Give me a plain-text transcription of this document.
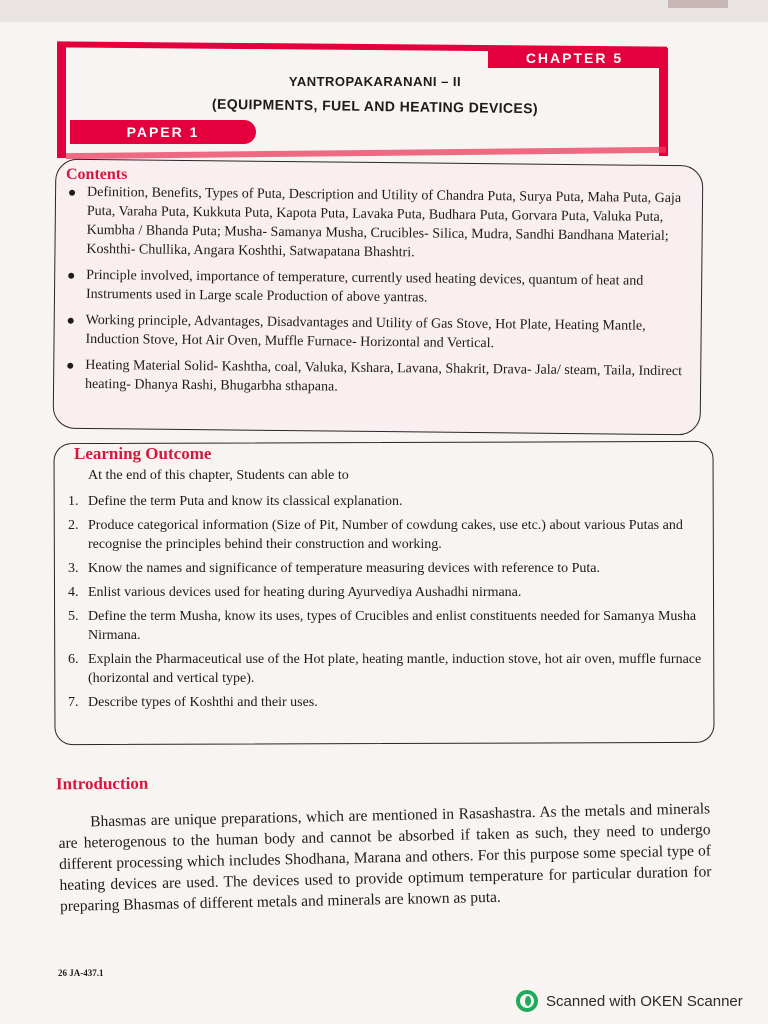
CHAPTER 5
PAPER 1
YANTROPAKARANANI – II
(EQUIPMENTS, FUEL AND HEATING DEVICES)
Contents
Definition, Benefits, Types of Puta, Description and Utility of Chandra Puta, Surya Puta, Maha Puta, Gaja Puta, Varaha Puta, Kukkuta Puta, Kapota Puta, Lavaka Puta, Budhara Puta, Gorvara Puta, Valuka Puta, Kumbha / Bhanda Puta; Musha- Samanya Musha, Crucibles- Silica, Mudra, Sandhi Bandhana Material; Koshthi- Chullika, Angara Koshthi, Satwapatana Bhashtri.
Principle involved, importance of temperature, currently used heating devices, quantum of heat and Instruments used in Large scale Production of above yantras.
Working principle, Advantages, Disadvantages and Utility of Gas Stove, Hot Plate, Heating Mantle, Induction Stove, Hot Air Oven, Muffle Furnace- Horizontal and Vertical.
Heating Material Solid- Kashtha, coal, Valuka, Kshara, Lavana, Shakrit, Drava- Jala/ steam, Taila, Indirect heating- Dhanya Rashi, Bhugarbha sthapana.
Learning Outcome
At the end of this chapter, Students can able to
1. Define the term Puta and know its classical explanation.
2. Produce categorical information (Size of Pit, Number of cowdung cakes, use etc.) about various Putas and recognise the principles behind their construction and working.
3. Know the names and significance of temperature measuring devices with reference to Puta.
4. Enlist various devices used for heating during Ayurvediya Aushadhi nirmana.
5. Define the term Musha, know its uses, types of Crucibles and enlist constituents needed for Samanya Musha Nirmana.
6. Explain the Pharmaceutical use of the Hot plate, heating mantle, induction stove, hot air oven, muffle furnace (horizontal and vertical type).
7. Describe types of Koshthi and their uses.
Introduction

Bhasmas are unique preparations, which are mentioned in Rasashastra. As the metals and minerals are heterogenous to the human body and cannot be absorbed if taken as such, they need to undergo different processing which includes Shodhana, Marana and others. For this purpose some special type of heating devices are used. The devices used to provide optimum temperature for particular duration for preparing Bhasmas of different metals and minerals are known as puta.

26 JA-437.1
Scanned with OKEN Scanner
